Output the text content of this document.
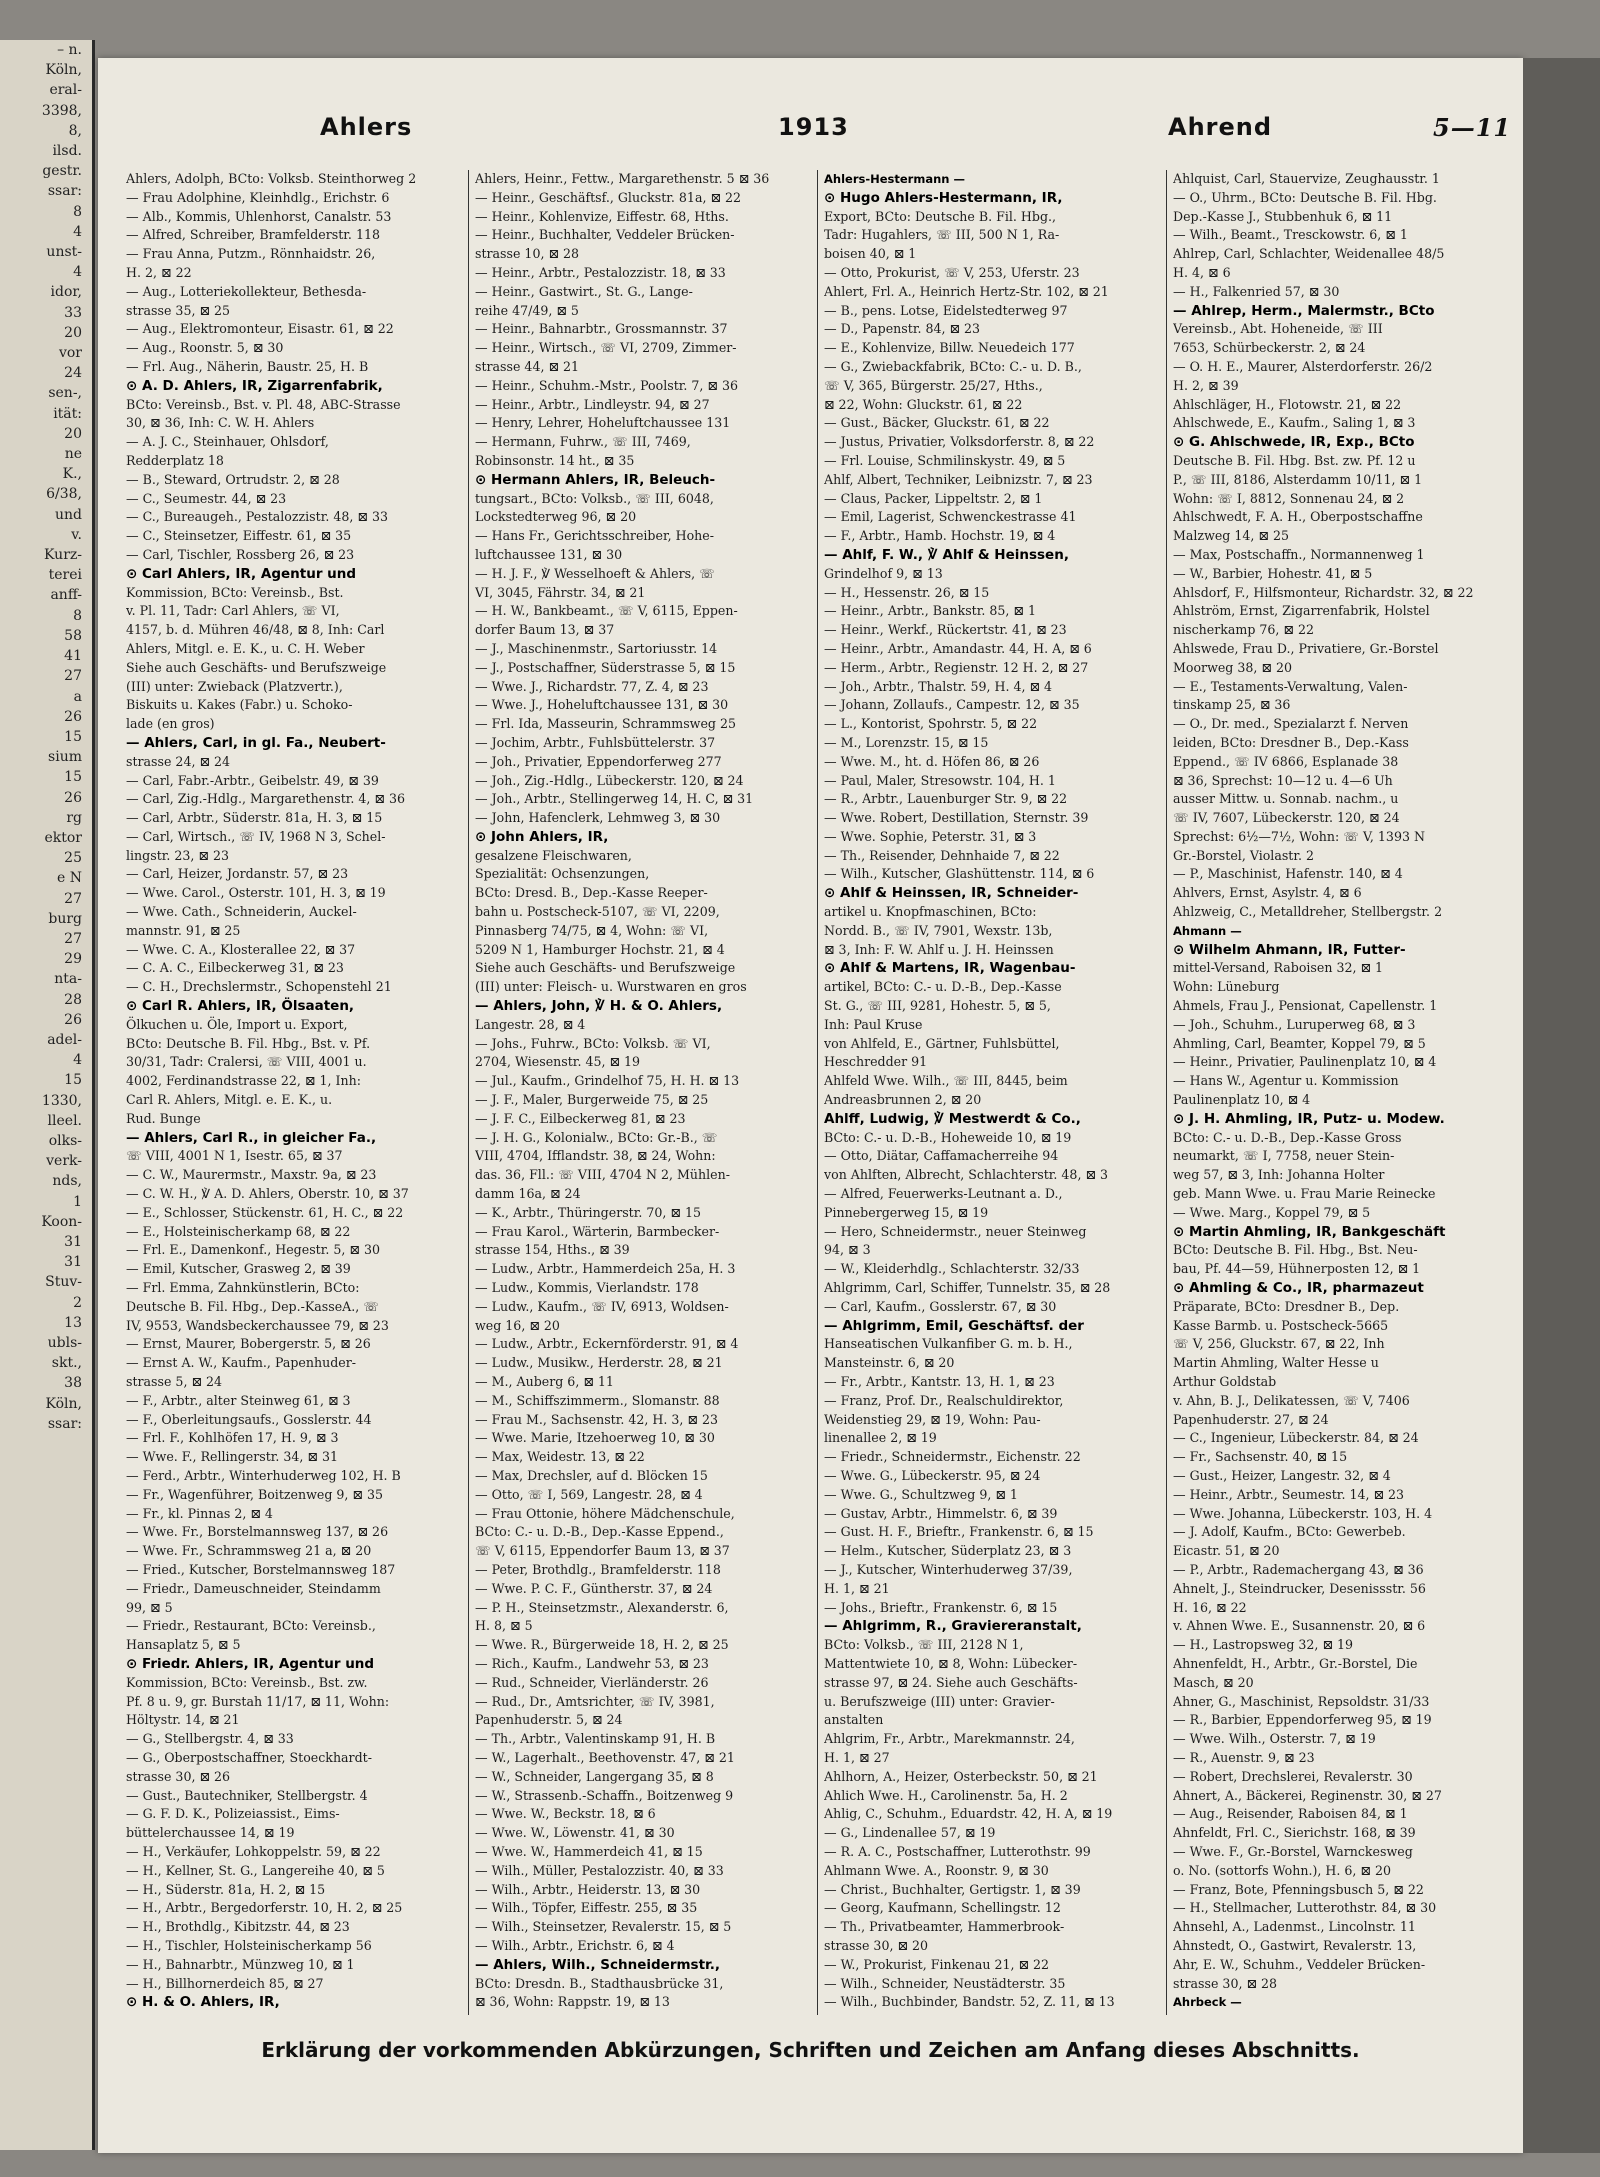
– n.
Köln,
eral-
3398,
8,
ilsd.
gestr.
ssar:
8
4
unst-
4
idor,
33
20
vor
24
sen-,
ität:
20
ne
K.,
6/38,
und
v.
Kurz-
terei
anff-
8
58
41
27
a
26
15
sium
15
26
rg
ektor
25
e N
27
burg
27
29
nta-
28
26
adel-
4
15
1330,
lleel.
olks-
verk-
nds,
1
Koon-
31
31
Stuv-
2
13
ubls-
skt.,
38
Köln,
ssar:
Ahlers	1913	Ahrend	5—11
Ahlers, Adolph, BCto: Volksb. Steinthorweg 2
— Frau Adolphine, Kleinhdlg., Erichstr. 6
— Alb., Kommis, Uhlenhorst, Canalstr. 53
— Alfred, Schreiber, Bramfelderstr. 118
— Frau Anna, Putzm., Rönnhaidstr. 26,
H. 2, ⊠ 22
— Aug., Lotteriekollekteur, Bethesda-
strasse 35, ⊠ 25
— Aug., Elektromonteur, Eisastr. 61, ⊠ 22
— Aug., Roonstr. 5, ⊠ 30
— Frl. Aug., Näherin, Baustr. 25, H. B
⊙ A. D. Ahlers, IR, Zigarrenfabrik,
BCto: Vereinsb., Bst. v. Pl. 48, ABC-Strasse
30, ⊠ 36, Inh: C. W. H. Ahlers
— A. J. C., Steinhauer, Ohlsdorf,
Redderplatz 18
— B., Steward, Ortrudstr. 2, ⊠ 28
— C., Seumestr. 44, ⊠ 23
— C., Bureaugeh., Pestalozzistr. 48, ⊠ 33
— C., Steinsetzer, Eiffestr. 61, ⊠ 35
— Carl, Tischler, Rossberg 26, ⊠ 23
⊙ Carl Ahlers, IR, Agentur und
Kommission, BCto: Vereinsb., Bst.
v. Pl. 11, Tadr: Carl Ahlers, ☏ VI,
4157, b. d. Mühren 46/48, ⊠ 8, Inh: Carl
Ahlers, Mitgl. e. E. K., u. C. H. Weber
Siehe auch Geschäfts- und Berufszweige
(III) unter: Zwieback (Platzvertr.),
Biskuits u. Kakes (Fabr.) u. Schoko-
lade (en gros)
— Ahlers, Carl, in gl. Fa., Neubert-
strasse 24, ⊠ 24
— Carl, Fabr.-Arbtr., Geibelstr. 49, ⊠ 39
— Carl, Zig.-Hdlg., Margarethenstr. 4, ⊠ 36
— Carl, Arbtr., Süderstr. 81a, H. 3, ⊠ 15
— Carl, Wirtsch., ☏ IV, 1968 N 3, Schel-
lingstr. 23, ⊠ 23
— Carl, Heizer, Jordanstr. 57, ⊠ 23
— Wwe. Carol., Osterstr. 101, H. 3, ⊠ 19
— Wwe. Cath., Schneiderin, Auckel-
mannstr. 91, ⊠ 25
— Wwe. C. A., Klosterallee 22, ⊠ 37
— C. A. C., Eilbeckerweg 31, ⊠ 23
— C. H., Drechslermstr., Schopenstehl 21
⊙ Carl R. Ahlers, IR, Ölsaaten,
Ölkuchen u. Öle, Import u. Export,
BCto: Deutsche B. Fil. Hbg., Bst. v. Pf.
30/31, Tadr: Cralersi, ☏ VIII, 4001 u.
4002, Ferdinandstrasse 22, ⊠ 1, Inh:
Carl R. Ahlers, Mitgl. e. E. K., u.
Rud. Bunge
— Ahlers, Carl R., in gleicher Fa.,
☏ VIII, 4001 N 1, Isestr. 65, ⊠ 37
— C. W., Maurermstr., Maxstr. 9a, ⊠ 23
— C. W. H., ℣ A. D. Ahlers, Oberstr. 10, ⊠ 37
— E., Schlosser, Stückenstr. 61, H. C., ⊠ 22
— E., Holsteinischerkamp 68, ⊠ 22
— Frl. E., Damenkonf., Hegestr. 5, ⊠ 30
— Emil, Kutscher, Grasweg 2, ⊠ 39
— Frl. Emma, Zahnkünstlerin, BCto:
Deutsche B. Fil. Hbg., Dep.-KasseA., ☏
IV, 9553, Wandsbeckerchaussee 79, ⊠ 23
— Ernst, Maurer, Bobergerstr. 5, ⊠ 26
— Ernst A. W., Kaufm., Papenhuder-
strasse 5, ⊠ 24
— F., Arbtr., alter Steinweg 61, ⊠ 3
— F., Oberleitungsaufs., Gosslerstr. 44
— Frl. F., Kohlhöfen 17, H. 9, ⊠ 3
— Wwe. F., Rellingerstr. 34, ⊠ 31
— Ferd., Arbtr., Winterhuderweg 102, H. B
— Fr., Wagenführer, Boitzenweg 9, ⊠ 35
— Fr., kl. Pinnas 2, ⊠ 4
— Wwe. Fr., Borstelmannsweg 137, ⊠ 26
— Wwe. Fr., Schrammsweg 21 a, ⊠ 20
— Fried., Kutscher, Borstelmannsweg 187
— Friedr., Dameuschneider, Steindamm
99, ⊠ 5
— Friedr., Restaurant, BCto: Vereinsb.,
Hansaplatz 5, ⊠ 5
⊙ Friedr. Ahlers, IR, Agentur und
Kommission, BCto: Vereinsb., Bst. zw.
Pf. 8 u. 9, gr. Burstah 11/17, ⊠ 11, Wohn:
Höltystr. 14, ⊠ 21
— G., Stellbergstr. 4, ⊠ 33
— G., Oberpostschaffner, Stoeckhardt-
strasse 30, ⊠ 26
— Gust., Bautechniker, Stellbergstr. 4
— G. F. D. K., Polizeiassist., Eims-
büttelerchaussee 14, ⊠ 19
— H., Verkäufer, Lohkoppelstr. 59, ⊠ 22
— H., Kellner, St. G., Langereihe 40, ⊠ 5
— H., Süderstr. 81a, H. 2, ⊠ 15
— H., Arbtr., Bergedorferstr. 10, H. 2, ⊠ 25
— H., Brothdlg., Kibitzstr. 44, ⊠ 23
— H., Tischler, Holsteinischerkamp 56
— H., Bahnarbtr., Münzweg 10, ⊠ 1
— H., Billhornerdeich 85, ⊠ 27
⊙ H. & O. Ahlers, IR,
Ahlers, Heinr., Fettw., Margarethenstr. 5 ⊠ 36
— Heinr., Geschäftsf., Gluckstr. 81a, ⊠ 22
— Heinr., Kohlenvize, Eiffestr. 68, Hths.
— Heinr., Buchhalter, Veddeler Brücken-
strasse 10, ⊠ 28
— Heinr., Arbtr., Pestalozzistr. 18, ⊠ 33
— Heinr., Gastwirt., St. G., Lange-
reihe 47/49, ⊠ 5
— Heinr., Bahnarbtr., Grossmannstr. 37
— Heinr., Wirtsch., ☏ VI, 2709, Zimmer-
strasse 44, ⊠ 21
— Heinr., Schuhm.-Mstr., Poolstr. 7, ⊠ 36
— Heinr., Arbtr., Lindleystr. 94, ⊠ 27
— Henry, Lehrer, Hoheluftchaussee 131
— Hermann, Fuhrw., ☏ III, 7469,
Robinsonstr. 14 ht., ⊠ 35
⊙ Hermann Ahlers, IR, Beleuch-
tungsart., BCto: Volksb., ☏ III, 6048,
Lockstedterweg 96, ⊠ 20
— Hans Fr., Gerichtsschreiber, Hohe-
luftchaussee 131, ⊠ 30
— H. J. F., ℣ Wesselhoeft & Ahlers, ☏
VI, 3045, Fährstr. 34, ⊠ 21
— H. W., Bankbeamt., ☏ V, 6115, Eppen-
dorfer Baum 13, ⊠ 37
— J., Maschinenmstr., Sartoriusstr. 14
— J., Postschaffner, Süderstrasse 5, ⊠ 15
— Wwe. J., Richardstr. 77, Z. 4, ⊠ 23
— Wwe. J., Hoheluftchaussee 131, ⊠ 30
— Frl. Ida, Masseurin, Schrammsweg 25
— Jochim, Arbtr., Fuhlsbüttelerstr. 37
— Joh., Privatier, Eppendorferweg 277
— Joh., Zig.-Hdlg., Lübeckerstr. 120, ⊠ 24
— Joh., Arbtr., Stellingerweg 14, H. C, ⊠ 31
— John, Hafenclerk, Lehmweg 3, ⊠ 30
⊙ John Ahlers, IR,
gesalzene Fleischwaren,
Spezialität: Ochsenzungen,
BCto: Dresd. B., Dep.-Kasse Reeper-
bahn u. Postscheck-5107, ☏ VI, 2209,
Pinnasberg 74/75, ⊠ 4, Wohn: ☏ VI,
5209 N 1, Hamburger Hochstr. 21, ⊠ 4
Siehe auch Geschäfts- und Berufszweige
(III) unter: Fleisch- u. Wurstwaren en gros
— Ahlers, John, ℣ H. & O. Ahlers,
Langestr. 28, ⊠ 4
— Johs., Fuhrw., BCto: Volksb. ☏ VI,
2704, Wiesenstr. 45, ⊠ 19
— Jul., Kaufm., Grindelhof 75, H. H. ⊠ 13
— J. F., Maler, Burgerweide 75, ⊠ 25
— J. F. C., Eilbeckerweg 81, ⊠ 23
— J. H. G., Kolonialw., BCto: Gr.-B., ☏
VIII, 4704, Ifflandstr. 38, ⊠ 24, Wohn:
das. 36, Fll.: ☏ VIII, 4704 N 2, Mühlen-
damm 16a, ⊠ 24
— K., Arbtr., Thüringerstr. 70, ⊠ 15
— Frau Karol., Wärterin, Barmbecker-
strasse 154, Hths., ⊠ 39
— Ludw., Arbtr., Hammerdeich 25a, H. 3
— Ludw., Kommis, Vierlandstr. 178
— Ludw., Kaufm., ☏ IV, 6913, Woldsen-
weg 16, ⊠ 20
— Ludw., Arbtr., Eckernförderstr. 91, ⊠ 4
— Ludw., Musikw., Herderstr. 28, ⊠ 21
— M., Auberg 6, ⊠ 11
— M., Schiffszimmerm., Slomanstr. 88
— Frau M., Sachsenstr. 42, H. 3, ⊠ 23
— Wwe. Marie, Itzehoerweg 10, ⊠ 30
— Max, Weidestr. 13, ⊠ 22
— Max, Drechsler, auf d. Blöcken 15
— Otto, ☏ I, 569, Langestr. 28, ⊠ 4
— Frau Ottonie, höhere Mädchenschule,
BCto: C.- u. D.-B., Dep.-Kasse Eppend.,
☏ V, 6115, Eppendorfer Baum 13, ⊠ 37
— Peter, Brothdlg., Bramfelderstr. 118
— Wwe. P. C. F., Güntherstr. 37, ⊠ 24
— P. H., Steinsetzmstr., Alexanderstr. 6,
H. 8, ⊠ 5
— Wwe. R., Bürgerweide 18, H. 2, ⊠ 25
— Rich., Kaufm., Landwehr 53, ⊠ 23
— Rud., Schneider, Vierländerstr. 26
— Rud., Dr., Amtsrichter, ☏ IV, 3981,
Papenhuderstr. 5, ⊠ 24
— Th., Arbtr., Valentinskamp 91, H. B
— W., Lagerhalt., Beethovenstr. 47, ⊠ 21
— W., Schneider, Langergang 35, ⊠ 8
— W., Strassenb.-Schaffn., Boitzenweg 9
— Wwe. W., Beckstr. 18, ⊠ 6
— Wwe. W., Löwenstr. 41, ⊠ 30
— Wwe. W., Hammerdeich 41, ⊠ 15
— Wilh., Müller, Pestalozzistr. 40, ⊠ 33
— Wilh., Arbtr., Heiderstr. 13, ⊠ 30
— Wilh., Töpfer, Eiffestr. 255, ⊠ 35
— Wilh., Steinsetzer, Revalerstr. 15, ⊠ 5
— Wilh., Arbtr., Erichstr. 6, ⊠ 4
— Ahlers, Wilh., Schneidermstr.,
BCto: Dresdn. B., Stadthausbrücke 31,
⊠ 36, Wohn: Rappstr. 19, ⊠ 13
Ahlers-Hestermann —
⊙ Hugo Ahlers-Hestermann, IR,
Export, BCto: Deutsche B. Fil. Hbg.,
Tadr: Hugahlers, ☏ III, 500 N 1, Ra-
boisen 40, ⊠ 1
— Otto, Prokurist, ☏ V, 253, Uferstr. 23
Ahlert, Frl. A., Heinrich Hertz-Str. 102, ⊠ 21
— B., pens. Lotse, Eidelstedterweg 97
— D., Papenstr. 84, ⊠ 23
— E., Kohlenvize, Billw. Neuedeich 177
— G., Zwiebackfabrik, BCto: C.- u. D. B.,
☏ V, 365, Bürgerstr. 25/27, Hths.,
⊠ 22, Wohn: Gluckstr. 61, ⊠ 22
— Gust., Bäcker, Gluckstr. 61, ⊠ 22
— Justus, Privatier, Volksdorferstr. 8, ⊠ 22
— Frl. Louise, Schmilinskystr. 49, ⊠ 5
Ahlf, Albert, Techniker, Leibnizstr. 7, ⊠ 23
— Claus, Packer, Lippeltstr. 2, ⊠ 1
— Emil, Lagerist, Schwenckestrasse 41
— F., Arbtr., Hamb. Hochstr. 19, ⊠ 4
— Ahlf, F. W., ℣ Ahlf & Heinssen,
Grindelhof 9, ⊠ 13
— H., Hessenstr. 26, ⊠ 15
— Heinr., Arbtr., Bankstr. 85, ⊠ 1
— Heinr., Werkf., Rückertstr. 41, ⊠ 23
— Heinr., Arbtr., Amandastr. 44, H. A, ⊠ 6
— Herm., Arbtr., Regienstr. 12 H. 2, ⊠ 27
— Joh., Arbtr., Thalstr. 59, H. 4, ⊠ 4
— Johann, Zollaufs., Campestr. 12, ⊠ 35
— L., Kontorist, Spohrstr. 5, ⊠ 22
— M., Lorenzstr. 15, ⊠ 15
— Wwe. M., ht. d. Höfen 86, ⊠ 26
— Paul, Maler, Stresowstr. 104, H. 1
— R., Arbtr., Lauenburger Str. 9, ⊠ 22
— Wwe. Robert, Destillation, Sternstr. 39
— Wwe. Sophie, Peterstr. 31, ⊠ 3
— Th., Reisender, Dehnhaide 7, ⊠ 22
— Wilh., Kutscher, Glashüttenstr. 114, ⊠ 6
⊙ Ahlf & Heinssen, IR, Schneider-
artikel u. Knopfmaschinen, BCto:
Nordd. B., ☏ IV, 7901, Wexstr. 13b,
⊠ 3, Inh: F. W. Ahlf u. J. H. Heinssen
⊙ Ahlf & Martens, IR, Wagenbau-
artikel, BCto: C.- u. D.-B., Dep.-Kasse
St. G., ☏ III, 9281, Hohestr. 5, ⊠ 5,
Inh: Paul Kruse
von Ahlfeld, E., Gärtner, Fuhlsbüttel,
Heschredder 91
Ahlfeld Wwe. Wilh., ☏ III, 8445, beim
Andreasbrunnen 2, ⊠ 20
Ahlff, Ludwig, ℣ Mestwerdt & Co.,
BCto: C.- u. D.-B., Hoheweide 10, ⊠ 19
— Otto, Diätar, Caffamacherreihe 94
von Ahlften, Albrecht, Schlachterstr. 48, ⊠ 3
— Alfred, Feuerwerks-Leutnant a. D.,
Pinnebergerweg 15, ⊠ 19
— Hero, Schneidermstr., neuer Steinweg
94, ⊠ 3
— W., Kleiderhdlg., Schlachterstr. 32/33
Ahlgrimm, Carl, Schiffer, Tunnelstr. 35, ⊠ 28
— Carl, Kaufm., Gosslerstr. 67, ⊠ 30
— Ahlgrimm, Emil, Geschäftsf. der
Hanseatischen Vulkanfiber G. m. b. H.,
Mansteinstr. 6, ⊠ 20
— Fr., Arbtr., Kantstr. 13, H. 1, ⊠ 23
— Franz, Prof. Dr., Realschuldirektor,
Weidenstieg 29, ⊠ 19, Wohn: Pau-
linenallee 2, ⊠ 19
— Friedr., Schneidermstr., Eichenstr. 22
— Wwe. G., Lübeckerstr. 95, ⊠ 24
— Wwe. G., Schultzweg 9, ⊠ 1
— Gustav, Arbtr., Himmelstr. 6, ⊠ 39
— Gust. H. F., Brieftr., Frankenstr. 6, ⊠ 15
— Helm., Kutscher, Süderplatz 23, ⊠ 3
— J., Kutscher, Winterhuderweg 37/39,
H. 1, ⊠ 21
— Johs., Brieftr., Frankenstr. 6, ⊠ 15
— Ahlgrimm, R., Graviereranstalt,
BCto: Volksb., ☏ III, 2128 N 1,
Mattentwiete 10, ⊠ 8, Wohn: Lübecker-
strasse 97, ⊠ 24. Siehe auch Geschäfts-
u. Berufszweige (III) unter: Gravier-
anstalten
Ahlgrim, Fr., Arbtr., Marekmannstr. 24,
H. 1, ⊠ 27
Ahlhorn, A., Heizer, Osterbeckstr. 50, ⊠ 21
Ahlich Wwe. H., Carolinenstr. 5a, H. 2
Ahlig, C., Schuhm., Eduardstr. 42, H. A, ⊠ 19
— G., Lindenallee 57, ⊠ 19
— R. A. C., Postschaffner, Lutterothstr. 99
Ahlmann Wwe. A., Roonstr. 9, ⊠ 30
— Christ., Buchhalter, Gertigstr. 1, ⊠ 39
— Georg, Kaufmann, Schellingstr. 12
— Th., Privatbeamter, Hammerbrook-
strasse 30, ⊠ 20
— W., Prokurist, Finkenau 21, ⊠ 22
— Wilh., Schneider, Neustädterstr. 35
— Wilh., Buchbinder, Bandstr. 52, Z. 11, ⊠ 13
Ahlquist, Carl, Stauervize, Zeughausstr. 1
— O., Uhrm., BCto: Deutsche B. Fil. Hbg.
Dep.-Kasse J., Stubbenhuk 6, ⊠ 11
— Wilh., Beamt., Tresckowstr. 6, ⊠ 1
Ahlrep, Carl, Schlachter, Weidenallee 48/5
H. 4, ⊠ 6
— H., Falkenried 57, ⊠ 30
— Ahlrep, Herm., Malermstr., BCto
Vereinsb., Abt. Hoheneide, ☏ III
7653, Schürbeckerstr. 2, ⊠ 24
— O. H. E., Maurer, Alsterdorferstr. 26/2
H. 2, ⊠ 39
Ahlschläger, H., Flotowstr. 21, ⊠ 22
Ahlschwede, E., Kaufm., Saling 1, ⊠ 3
⊙ G. Ahlschwede, IR, Exp., BCto
Deutsche B. Fil. Hbg. Bst. zw. Pf. 12 u
P., ☏ III, 8186, Alsterdamm 10/11, ⊠ 1
Wohn: ☏ I, 8812, Sonnenau 24, ⊠ 2
Ahlschwedt, F. A. H., Oberpostschaffne
Malzweg 14, ⊠ 25
— Max, Postschaffn., Normannenweg 1
— W., Barbier, Hohestr. 41, ⊠ 5
Ahlsdorf, F., Hilfsmonteur, Richardstr. 32, ⊠ 22
Ahlström, Ernst, Zigarrenfabrik, Holstel
nischerkamp 76, ⊠ 22
Ahlswede, Frau D., Privatiere, Gr.-Borstel
Moorweg 38, ⊠ 20
— E., Testaments-Verwaltung, Valen-
tinskamp 25, ⊠ 36
— O., Dr. med., Spezialarzt f. Nerven
leiden, BCto: Dresdner B., Dep.-Kass
Eppend., ☏ IV 6866, Esplanade 38
⊠ 36, Sprechst: 10—12 u. 4—6 Uh
ausser Mittw. u. Sonnab. nachm., u
☏ IV, 7607, Lübeckerstr. 120, ⊠ 24
Sprechst: 6½—7½, Wohn: ☏ V, 1393 N
Gr.-Borstel, Violastr. 2
— P., Maschinist, Hafenstr. 140, ⊠ 4
Ahlvers, Ernst, Asylstr. 4, ⊠ 6
Ahlzweig, C., Metalldreher, Stellbergstr. 2
Ahmann —
⊙ Wilhelm Ahmann, IR, Futter-
mittel-Versand, Raboisen 32, ⊠ 1
Wohn: Lüneburg
Ahmels, Frau J., Pensionat, Capellenstr. 1
— Joh., Schuhm., Luruperweg 68, ⊠ 3
Ahmling, Carl, Beamter, Koppel 79, ⊠ 5
— Heinr., Privatier, Paulinenplatz 10, ⊠ 4
— Hans W., Agentur u. Kommission
Paulinenplatz 10, ⊠ 4
⊙ J. H. Ahmling, IR, Putz- u. Modew.
BCto: C.- u. D.-B., Dep.-Kasse Gross
neumarkt, ☏ I, 7758, neuer Stein-
weg 57, ⊠ 3, Inh: Johanna Holter
geb. Mann Wwe. u. Frau Marie Reinecke
— Wwe. Marg., Koppel 79, ⊠ 5
⊙ Martin Ahmling, IR, Bankgeschäft
BCto: Deutsche B. Fil. Hbg., Bst. Neu-
bau, Pf. 44—59, Hühnerposten 12, ⊠ 1
⊙ Ahmling & Co., IR, pharmazeut
Präparate, BCto: Dresdner B., Dep.
Kasse Barmb. u. Postscheck-5665
☏ V, 256, Gluckstr. 67, ⊠ 22, Inh
Martin Ahmling, Walter Hesse u
Arthur Goldstab
v. Ahn, B. J., Delikatessen, ☏ V, 7406
Papenhuderstr. 27, ⊠ 24
— C., Ingenieur, Lübeckerstr. 84, ⊠ 24
— Fr., Sachsenstr. 40, ⊠ 15
— Gust., Heizer, Langestr. 32, ⊠ 4
— Heinr., Arbtr., Seumestr. 14, ⊠ 23
— Wwe. Johanna, Lübeckerstr. 103, H. 4
— J. Adolf, Kaufm., BCto: Gewerbeb.
Eicastr. 51, ⊠ 20
— P., Arbtr., Rademachergang 43, ⊠ 36
Ahnelt, J., Steindrucker, Desenissstr. 56
H. 16, ⊠ 22
v. Ahnen Wwe. E., Susannenstr. 20, ⊠ 6
— H., Lastropsweg 32, ⊠ 19
Ahnenfeldt, H., Arbtr., Gr.-Borstel, Die
Masch, ⊠ 20
Ahner, G., Maschinist, Repsoldstr. 31/33
— R., Barbier, Eppendorferweg 95, ⊠ 19
— Wwe. Wilh., Osterstr. 7, ⊠ 19
— R., Auenstr. 9, ⊠ 23
— Robert, Drechslerei, Revalerstr. 30
Ahnert, A., Bäckerei, Reginenstr. 30, ⊠ 27
— Aug., Reisender, Raboisen 84, ⊠ 1
Ahnfeldt, Frl. C., Sierichstr. 168, ⊠ 39
— Wwe. F., Gr.-Borstel, Warnckesweg
o. No. (sottorfs Wohn.), H. 6, ⊠ 20
— Franz, Bote, Pfenningsbusch 5, ⊠ 22
— H., Stellmacher, Lutterothstr. 84, ⊠ 30
Ahnsehl, A., Ladenmst., Lincolnstr. 11
Ahnstedt, O., Gastwirt, Revalerstr. 13,
Ahr, E. W., Schuhm., Veddeler Brücken-
strasse 30, ⊠ 28
Ahrbeck —
Erklärung der vorkommenden Abkürzungen, Schriften und Zeichen am Anfang dieses Abschnitts.
